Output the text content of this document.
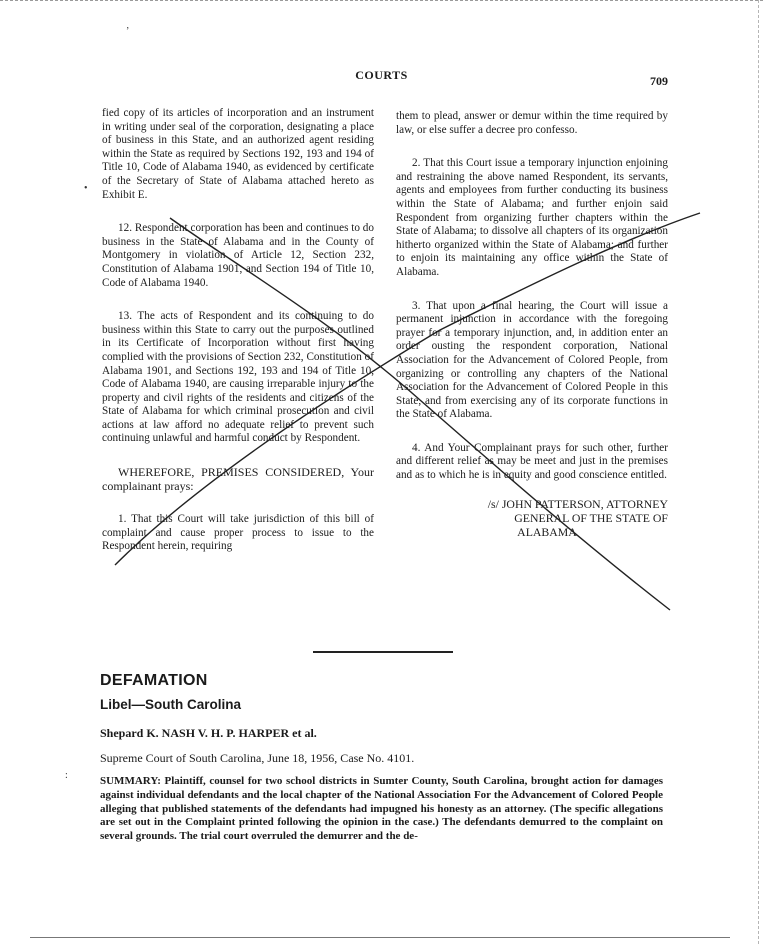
’
•
:
COURTS	709

fied copy of its articles of incorporation and an instrument in writing under seal of the corporation, designating a place of business in this State, and an authorized agent residing within the State as required by Sections 192, 193 and 194 of Title 10, Code of Alabama 1940, as evidenced by certificate of the Secretary of State of Alabama attached hereto as Exhibit E.

12. Respondent corporation has been and continues to do business in the State of Alabama and in the County of Montgomery in violation of Article 12, Section 232, Constitution of Alabama 1901, and Section 194 of Title 10, Code of Alabama 1940.

13. The acts of Respondent and its continuing to do business within this State to carry out the purposes outlined in its Certificate of Incorporation without first having complied with the provisions of Section 232, Constitution of Alabama 1901, and Sections 192, 193 and 194 of Title 10, Code of Alabama 1940, are causing irreparable injury to the property and civil rights of the residents and citizens of the State of Alabama for which criminal prosecution and civil actions at law afford no adequate relief to prevent such continuing unlawful and harmful conduct by Respondent.

WHEREFORE, PREMISES CONSIDERED, Your complainant prays:

1. That this Court will take jurisdiction of this bill of complaint and cause proper process to issue to the Respondent herein, requiring

them to plead, answer or demur within the time required by law, or else suffer a decree pro confesso.

2. That this Court issue a temporary injunction enjoining and restraining the above named Respondent, its servants, agents and employees from further conducting its business within the State of Alabama; and further enjoin said Respondent from organizing further chapters within the State of Alabama; to dissolve all chapters of its organization hitherto organized within the State of Alabama; and further to enjoin its maintaining any office within the State of Alabama.

3. That upon a final hearing, the Court will issue a permanent injunction in accordance with the foregoing prayer for a temporary injunction, and, in addition enter an order ousting the respondent corporation, National Association for the Advancement of Colored People, from organizing or controlling any chapters of the National Association for the Advancement of Colored People in this State, and from exercising any of its corporate functions in the State of Alabama.

4. And Your Complainant prays for such other, further and different relief as may be meet and just in the premises and as to which he is in equity and good conscience entitled.

/s/ JOHN PATTERSON, ATTORNEY
GENERAL OF THE STATE OF
ALABAMA
DEFAMATION
Libel—South Carolina
Shepard K. NASH V. H. P. HARPER et al.
Supreme Court of South Carolina, June 18, 1956, Case No. 4101.

SUMMARY: Plaintiff, counsel for two school districts in Sumter County, South Carolina, brought action for damages against individual defendants and the local chapter of the National Association For the Advancement of Colored People alleging that published statements of the defendants had impugned his honesty as an attorney. (The specific allegations are set out in the Complaint printed following the opinion in the case.) The defendants demurred to the complaint on several grounds. The trial court overruled the demurrer and the de-
